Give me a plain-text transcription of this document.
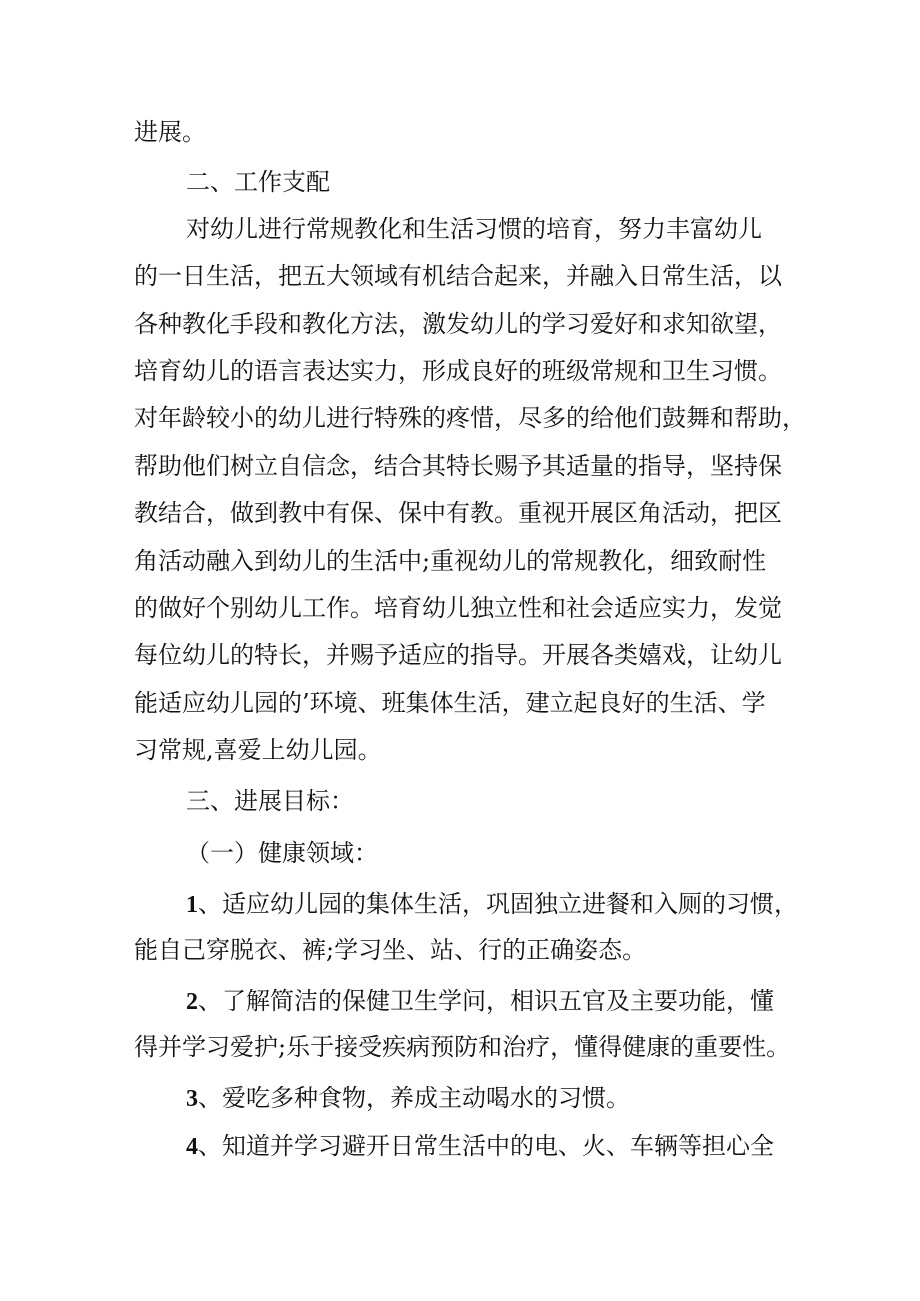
进展。
二、工作支配
对幼儿进行常规教化和生活习惯的培育，努力丰富幼儿
的一日生活，把五大领域有机结合起来，并融入日常生活，以
各种教化手段和教化方法，激发幼儿的学习爱好和求知欲望，
培育幼儿的语言表达实力，形成良好的班级常规和卫生习惯。
对年龄较小的幼儿进行特殊的疼惜，尽多的给他们鼓舞和帮助，
帮助他们树立自信念，结合其特长赐予其适量的指导，坚持保
教结合，做到教中有保、保中有教。重视开展区角活动，把区
角活动融入到幼儿的生活中;重视幼儿的常规教化，细致耐性
的做好个别幼儿工作。培育幼儿独立性和社会适应实力，发觉
每位幼儿的特长，并赐予适应的指导。开展各类嬉戏，让幼儿
能适应幼儿园的’环境、班集体生活，建立起良好的生活、学
习常规,喜爱上幼儿园。
三、进展目标：
（一）健康领域：
1、适应幼儿园的集体生活，巩固独立进餐和入厕的习惯，
能自己穿脱衣、裤;学习坐、站、行的正确姿态。
2、了解简洁的保健卫生学问，相识五官及主要功能，懂
得并学习爱护;乐于接受疾病预防和治疗，懂得健康的重要性。
3、爱吃多种食物，养成主动喝水的习惯。
4、知道并学习避开日常生活中的电、火、车辆等担心全
